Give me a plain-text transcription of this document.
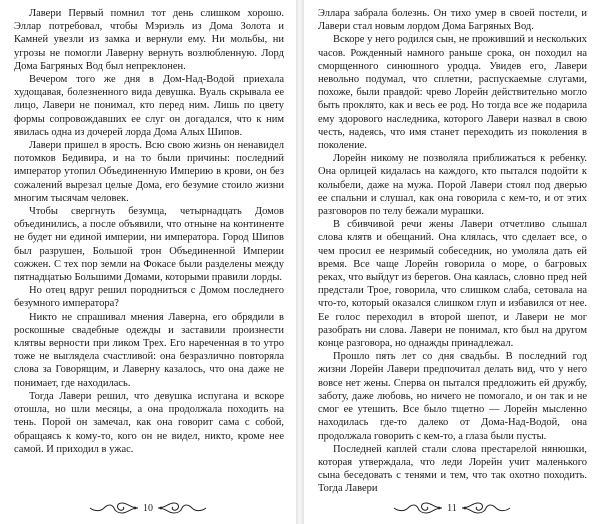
Лавери Первый помнил тот день слишком хорошо. Эллар потребовал, чтобы Мэриэль из Дома Золота и Камней увезли из замка и вернули ему. Ни мольбы, ни угрозы не помогли Лаверну вернуть возлюбленную. Лорд Дома Багряных Вод был непреклонен.

Вечером того же дня в Дом-Над-Водой приехала худощавая, болезненного вида девушка. Вуаль скрывала ее лицо, Лавери не понимал, кто перед ним. Лишь по цвету формы сопровождавших ее слуг он догадался, что к ним явилась одна из дочерей лорда Дома Алых Шипов.

Лавери пришел в ярость. Всю свою жизнь он ненавидел потомков Бедивира, и на то были причины: последний император утопил Объединенную Империю в крови, он без сожалений вырезал целые Дома, его безумие стоило жизни многим тысячам человек.

Чтобы свергнуть безумца, четырнадцать Домов объединились, а после объявили, что отныне на континенте не будет ни единой империи, ни императора. Город Шипов был разрушен, Большой трон Объединенной Империи сожжен. С тех пор земли на Фокасе были разделены между пятнадцатью Большими Домами, которыми правили лорды.

Но отец вдруг решил породниться с Домом последнего безумного императора?

Никто не спрашивал мнения Лаверна, его обрядили в роскошные свадебные одежды и заставили произнести клятвы верности при ликом Трех. Его нареченная в то утро тоже не выглядела счастливой: она безразлично повторяла слова за Говорящим, и Лаверну казалось, что она даже не понимает, где находилась.

Тогда Лавери решил, что девушка испугана и вскоре отошла, но шли месяцы, а она продолжала походить на тень. Порой он замечал, как она говорит сама с собой, обращаясь к кому-то, кого он не видел, никто, кроме нее самой. И приходил в ужас.

10

Эллара забрала болезнь. Он тихо умер в своей постели, и Лавери стал новым лордом Дома Багряных Вод.

Вскоре у него родился сын, не проживший и нескольких часов. Рожденный намного раньше срока, он походил на сморщенного синюшного уродца. Увидев его, Лавери невольно подумал, что сплетни, распускаемые слугами, похоже, были правдой: чрево Лорейн действительно могло быть проклято, как и весь ее род. Но тогда все же подарила ему здорового наследника, которого Лавери назвал в свою честь, надеясь, что имя станет переходить из поколения в поколение.

Лорейн никому не позволяла приближаться к ребенку. Она орлицей кидалась на каждого, кто пытался подойти к колыбели, даже на мужа. Порой Лавери стоял под дверью ее спальни и слушал, как она говорила с кем-то, и от этих разговоров по телу бежали мурашки.

В сбивчивой речи жены Лавери отчетливо слышал слова клятв и обещаний. Она клялась, что сделает все, о чем просил ее незримый собеседник, но умоляла дать ей время. Все чаще Лорейн говорила о море, о багровых реках, что выйдут из берегов. Она каялась, словно пред ней предстали Трое, говорила, что слишком слаба, сетовала на что-то, который оказался слишком глуп и избавился от нее. Ее голос переходил в второй шепот, и Лавери не мог разобрать ни слова. Лавери не понимал, кто был на другом конце разговора, но однажды принадлежал.

Прошло пять лет со дня свадьбы. В последний год жизни Лорейн Лавери предпочитал делать вид, что у него вовсе нет жены. Сперва он пытался предложить ей дружбу, заботу, даже любовь, но ничего не помогало, и он так и не смог ее утешить. Все было тщетно — Лорейн мысленно находилась где-то далеко от Дома-Над-Водой, она продолжала говорить с кем-то, а глаза были пусты.

Последней каплей стали слова престарелой нянюшки, которая утверждала, что леди Лорейн учит маленького сына беседовать с тенями и тем, что так охотно походить. Тогда Лавери

11
